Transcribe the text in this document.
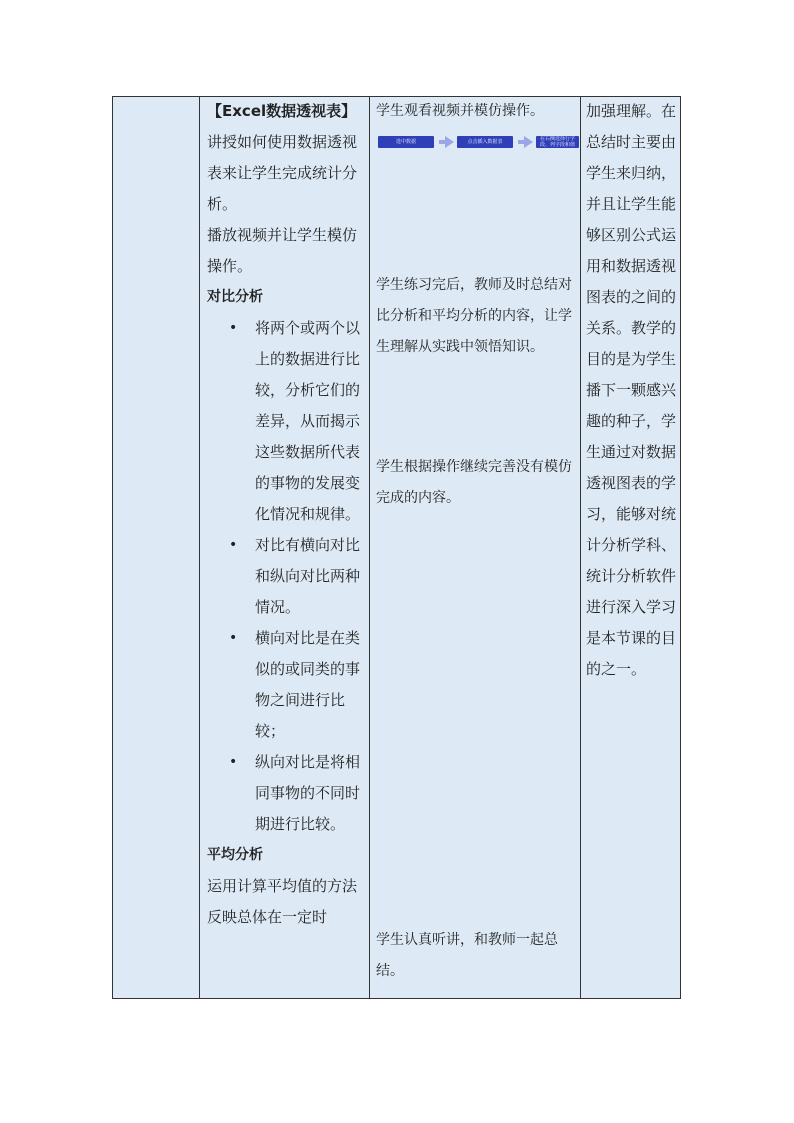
【Excel数据透视表】

讲授如何使用数据透视表来让学生完成统计分析。

播放视频并让学生模仿操作。

对比分析

• 将两个或两个以上的数据进行比较，分析它们的差异，从而揭示这些数据所代表的事物的发展变化情况和规律。
• 对比有横向对比和纵向对比两种情况。
• 横向对比是在类似的或同类的事物之间进行比较；
• 纵向对比是将相同事物的不同时期进行比较。

平均分析

运用计算平均值的方法反映总体在一定时

学生观看视频并模仿操作。
选中数据	点击插入数据表	在右侧选择行字段、列字段和值
学生练习完后，教师及时总结对比分析和平均分析的内容，让学生理解从实践中领悟知识。
学生根据操作继续完善没有模仿完成的内容。
学生认真听讲，和教师一起总结。
加强理解。在总结时主要由学生来归纳，并且让学生能够区别公式运用和数据透视图表的之间的关系。教学的目的是为学生播下一颗感兴趣的种子，学生通过对数据透视图表的学习，能够对统计分析学科、统计分析软件进行深入学习是本节课的目的之一。
